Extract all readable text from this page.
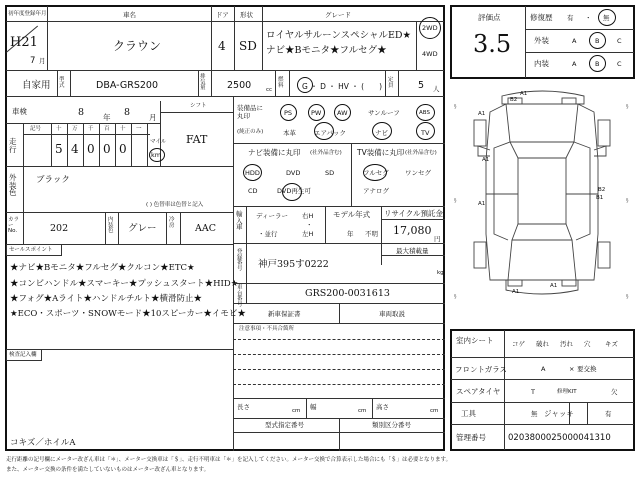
初年度登録年月
H21
7 月
車名
クラウン
ドア
4
形状
SD
グレード
ロイヤルサルーンスペシャルED★
ナビ★Bモニタ★フルセグ★
2WD
4WD
自家用 型式	DBA-GRS200
排気量	2500	cc
燃料	G ・ D ・ HV ・ (　　)
定員	5 人
車検	8	年 8	月
シフト
FAT
走行
記号	十 万 千 百 十 一
5 4 0 0 0	マイル
km
外装色
ブラック
( ) 色替車は色替と記入
カラーNo.	202
内装色	グレー
冷房	AAC
セールスポイント
★ナビ★Bモニタ★フルセグ★クルコン★ETC★
★コンビハンドル★スマーキー★プッシュスタート★HID★
★フォグ★Aライト★ハンドルチルト★横滑防止★
★ECO・スポーツ・SNOWモード★10スピーカー★イモビ★
検査記入欄
コキズ／ホイルA
装備品に丸印
(純正のみ)
PS	PW AW	サンルーフ	ABS
本革	エアバック	ナビ	TV
ナビ装備に丸印 (社外品含む)
HDD	DVD	SD
CD	DVD再生可
TV装備に丸印 (社外品含む)
フルセグ	ワンセグ
アナログ
輸入車
ディーラー
・並行
右H
・
左H
モデル年式
年 不明
リサイクル預託金
17,080
円
最大積載量
kg
登録番号 神戸395す0222
車台番号
GRS200-0031613
新車保証書	車両取説
注意事項・不具合箇所
長さ	cm 幅	cm 高さ	cm
型式指定番号	類別区分番号
評価点
3.5
修復歴 有 ・ 無
外装	A	B	C
内装	A	B	C
§	§
§	§
§	§
A1
B2
A1
A1
B2
B1
A1
A1
A1
室内シート	コゲ 破れ 汚れ 穴 キズ
フロントガラス	A	× 要交換
スペアタイヤ	T	修理KIT	欠
工具	無 ジャッキ	有
管理番号	0203800025000041310
走行距離の記号欄にメーター改ざん車は「＊」、メーター交換車は「＄」、走行不明車は「＊」を記入してください。メーター交換で合算表示した場合にも「＄」は必要となります。
また、メーター交換の条件を満たしていないものはメーター改ざん車となります。
